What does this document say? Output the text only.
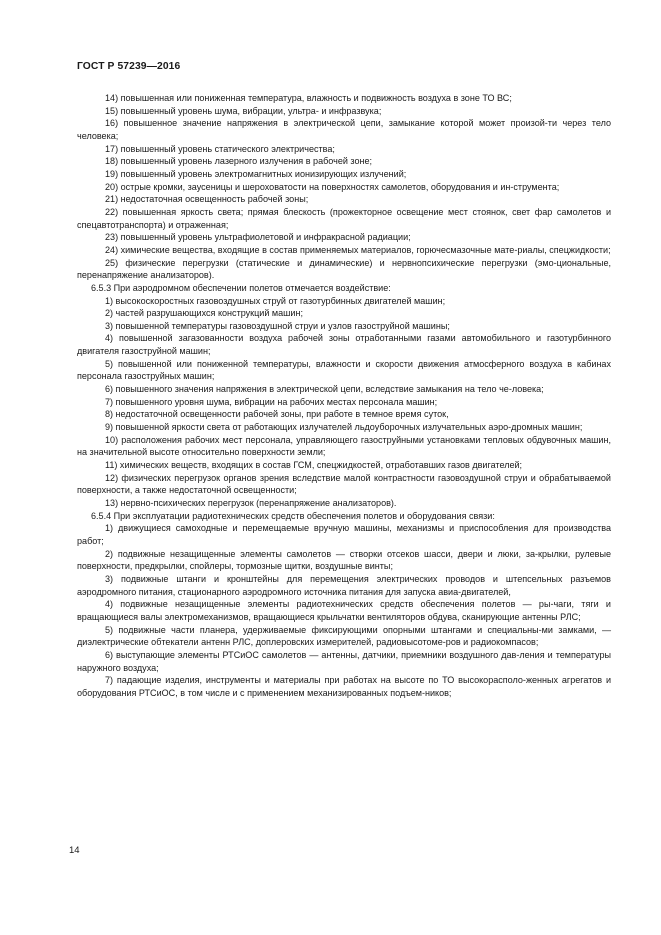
ГОСТ Р 57239—2016

14) повышенная или пониженная температура, влажность и подвижность воздуха в зоне ТО ВС;

15) повышенный уровень шума, вибрации, ультра- и инфразвука;

16) повышенное значение напряжения в электрической цепи, замыкание которой может произой-ти через тело человека;

17) повышенный уровень статического электричества;

18) повышенный уровень лазерного излучения в рабочей зоне;

19) повышенный уровень электромагнитных ионизирующих излучений;

20) острые кромки, заусеницы и шероховатости на поверхностях самолетов, оборудования и ин-струмента;

21) недостаточная освещенность рабочей зоны;

22) повышенная яркость света; прямая блескость (прожекторное освещение мест стоянок, свет фар самолетов и спецавтотранспорта) и отраженная;

23) повышенный уровень ультрафиолетовой и инфракрасной радиации;

24) химические вещества, входящие в состав применяемых материалов, горючесмазочные мате-риалы, спецжидкости;

25) физические перегрузки (статические и динамические) и нервнопсихические перегрузки (эмо-циональные, перенапряжение анализаторов).

6.5.3 При аэродромном обеспечении полетов отмечается воздействие:

1) высокоскоростных газовоздушных струй от газотурбинных двигателей машин;

2) частей разрушающихся конструкций машин;

3) повышенной температуры газовоздушной струи и узлов газоструйной машины;

4) повышенной загазованности воздуха рабочей зоны отработанными газами автомобильного и газотурбинного двигателя газоструйной машин;

5) повышенной или пониженной температуры, влажности и скорости движения атмосферного воздуха в кабинах персонала газоструйных машин;

6) повышенного значения напряжения в электрической цепи, вследствие замыкания на тело че-ловека;

7) повышенного уровня шума, вибрации на рабочих местах персонала машин;

8) недостаточной освещенности рабочей зоны, при работе в темное время суток,

9) повышенной яркости света от работающих излучателей льдоуборочных излучательных аэро-дромных машин;

10) расположения рабочих мест персонала, управляющего газоструйными установками тепловых обдувочных машин, на значительной высоте относительно поверхности земли;

11) химических веществ, входящих в состав ГСМ, спецжидкостей, отработавших газов двигателей;

12) физических перегрузок органов зрения вследствие малой контрастности газовоздушной струи и обрабатываемой поверхности, а также недостаточной освещенности;

13) нервно-психических перегрузок (перенапряжение анализаторов).

6.5.4 При эксплуатации радиотехнических средств обеспечения полетов и оборудования связи:

1) движущиеся самоходные и перемещаемые вручную машины, механизмы и приспособления для производства работ;

2) подвижные незащищенные элементы самолетов — створки отсеков шасси, двери и люки, за-крылки, рулевые поверхности, предкрылки, спойлеры, тормозные щитки, воздушные винты;

3) подвижные штанги и кронштейны для перемещения электрических проводов и штепсельных разъемов аэродромного питания, стационарного аэродромного источника питания для запуска авиа-двигателей,

4) подвижные незащищенные элементы радиотехнических средств обеспечения полетов — ры-чаги, тяги и вращающиеся валы электромеханизмов, вращающиеся крыльчатки вентиляторов обдува, сканирующие антенны РЛС;

5) подвижные части планера, удерживаемые фиксирующими опорными штангами и специальны-ми замками, — диэлектрические обтекатели антенн РЛС, доплеровских измерителей, радиовысотоме-ров и радиокомпасов;

6) выступающие элементы РТСиОС самолетов — антенны, датчики, приемники воздушного дав-ления и температуры наружного воздуха;

7) падающие изделия, инструменты и материалы при работах на высоте по ТО высокорасполо-женных агрегатов и оборудования РТСиОС, в том числе и с применением механизированных подъем-ников;

14
